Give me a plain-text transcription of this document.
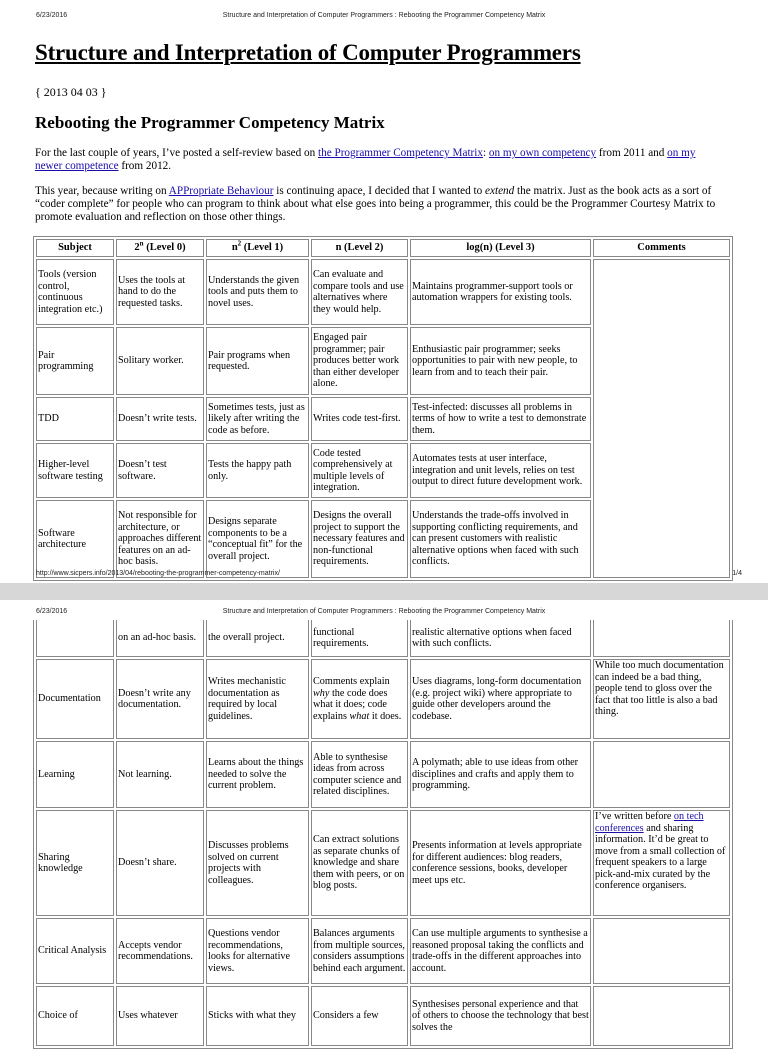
6/23/2016	Structure and Interpretation of Computer Programmers : Rebooting the Programmer Competency Matrix
Structure and Interpretation of Computer Programmers
{ 2013 04 03 }
Rebooting the Programmer Competency Matrix

For the last couple of years, I’ve posted a self-review based on the Programmer Competency Matrix: on my own competency from 2011 and on my newer competence from 2012.

This year, because writing on APPropriate Behaviour is continuing apace, I decided that I wanted to extend the matrix. Just as the book acts as a sort of “coder complete” for people who can program to think about what else goes into being a programmer, this could be the Programmer Courtesy Matrix to promote evaluation and reflection on those other things.

Subject	2$^n$ (Level 0)	$n^2$ (Level 1)	n (Level 2)	log(n) (Level 3)	Comments
Tools (version control, continuous integration etc.)	Uses the tools at hand to do the requested tasks.	Understands the given tools and puts them to novel uses.	Can evaluate and compare tools and use alternatives where they would help.	Maintains programmer-support tools or automation wrappers for existing tools.	
Pair programming	Solitary worker.	Pair programs when requested.	Engaged pair programmer; pair produces better work than either developer alone.	Enthusiastic pair programmer; seeks opportunities to pair with new people, to learn from and to teach their pair.	
TDD	Doesn’t write tests.	Sometimes tests, just as likely after writing the code as before.	Writes code test-first.	Test-infected: discusses all problems in terms of how to write a test to demonstrate them.	
Higher-level software testing	Doesn’t test software.	Tests the happy path only.	Code tested comprehensively at multiple levels of integration.	Automates tests at user interface, integration and unit levels, relies on test output to direct future development work.	
Software architecture	Not responsible for architecture, or approaches different features on an ad-hoc basis.	Designs separate components to be a “conceptual fit” for the overall project.	Designs the overall project to support the necessary features and non-functional requirements.	Understands the trade-offs involved in supporting conflicting requirements, and can present customers with realistic alternative options when faced with such conflicts.	
http://www.sicpers.info/2013/04/rebooting-the-programmer-competency-matrix/	1/4
	on an ad-hoc basis.	the overall project.	functional requirements.	realistic alternative options when faced with such conflicts.	
Documentation	Doesn’t write any documentation.	Writes mechanistic documentation as required by local guidelines.	Comments explain why the code does what it does; code explains what it does.	Uses diagrams, long-form documentation (e.g. project wiki) where appropriate to guide other developers around the codebase.	While too much documentation can indeed be a bad thing, people tend to gloss over the fact that too little is also a bad thing.
Learning	Not learning.	Learns about the things needed to solve the current problem.	Able to synthesise ideas from across computer science and related disciplines.	A polymath; able to use ideas from other disciplines and crafts and apply them to programming.	
Sharing knowledge	Doesn’t share.	Discusses problems solved on current projects with colleagues.	Can extract solutions as separate chunks of knowledge and share them with peers, or on blog posts.	Presents information at levels appropriate for different audiences: blog readers, conference sessions, books, developer meet ups etc.	I’ve written before on tech conferences and sharing information. It’d be great to move from a small collection of frequent speakers to a large pick-and-mix curated by the conference organisers.
Critical Analysis	Accepts vendor recommendations.	Questions vendor recommendations, looks for alternative views.	Balances arguments from multiple sources, considers assumptions behind each argument.	Can use multiple arguments to synthesise a reasoned proposal taking the conflicts and trade-offs in the different approaches into account.	
Choice of	Uses whatever	Sticks with what they	Considers a few	Synthesises personal experience and that of others to choose the technology that best solves the	
6/23/2016	Structure and Interpretation of Computer Programmers : Rebooting the Programmer Competency Matrix
